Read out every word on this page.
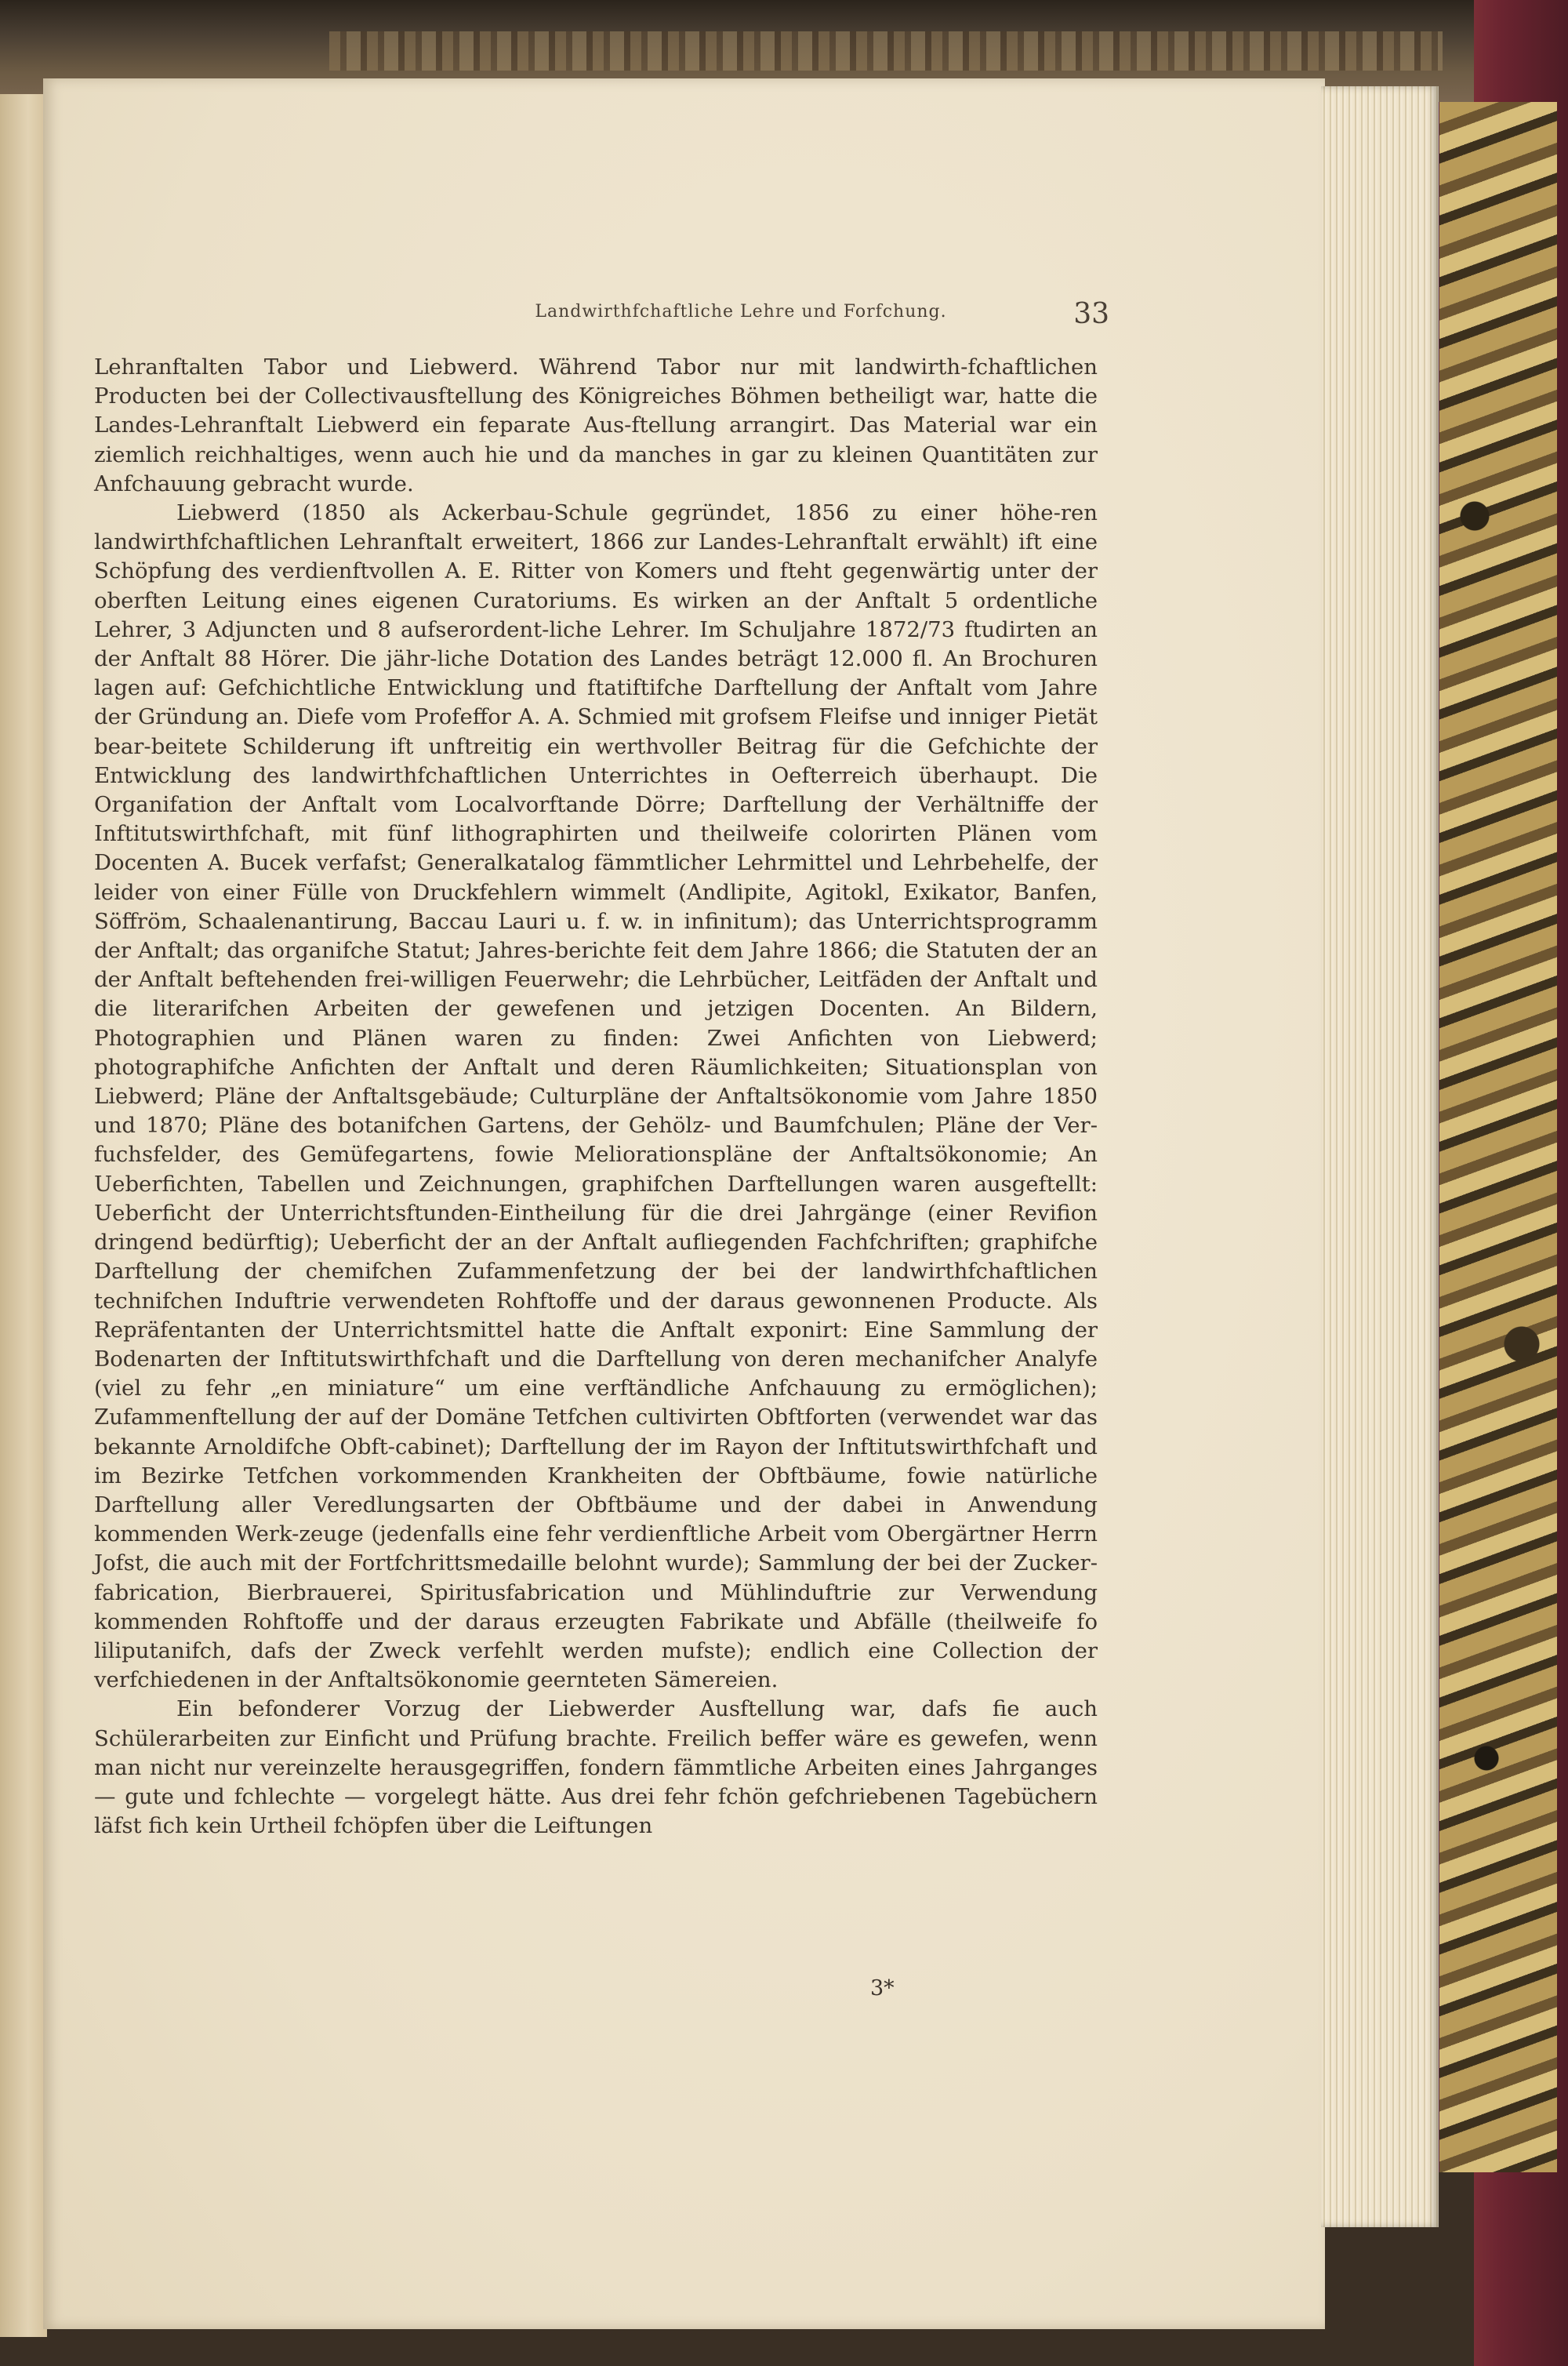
Landwirthfchaftliche Lehre und Forfchung.	33

Lehranftalten Tabor und Liebwerd. Während Tabor nur mit landwirth-fchaftlichen Producten bei der Collectivausftellung des Königreiches Böhmen betheiligt war, hatte die Landes-Lehranftalt Liebwerd ein feparate Aus-ftellung arrangirt. Das Material war ein ziemlich reichhaltiges, wenn auch hie und da manches in gar zu kleinen Quantitäten zur Anfchauung gebracht wurde.

Liebwerd (1850 als Ackerbau-Schule gegründet, 1856 zu einer höhe-ren landwirthfchaftlichen Lehranftalt erweitert, 1866 zur Landes-Lehranftalt erwählt) ift eine Schöpfung des verdienftvollen A. E. Ritter von Komers und fteht gegenwärtig unter der oberften Leitung eines eigenen Curatoriums. Es wirken an der Anftalt 5 ordentliche Lehrer, 3 Adjuncten und 8 aufserordent-liche Lehrer. Im Schuljahre 1872/73 ftudirten an der Anftalt 88 Hörer. Die jähr-liche Dotation des Landes beträgt 12.000 fl. An Brochuren lagen auf: Gefchichtliche Entwicklung und ftatiftifche Darftellung der Anftalt vom Jahre der Gründung an. Diefe vom Profeffor A. A. Schmied mit grofsem Fleifse und inniger Pietät bear-beitete Schilderung ift unftreitig ein werthvoller Beitrag für die Gefchichte der Entwicklung des landwirthfchaftlichen Unterrichtes in Oefterreich überhaupt. Die Organifation der Anftalt vom Localvorftande Dörre; Darftellung der Verhältniffe der Inftitutswirthfchaft, mit fünf lithographirten und theilweife colorirten Plänen vom Docenten A. Bucek verfafst; Generalkatalog fämmtlicher Lehrmittel und Lehrbehelfe, der leider von einer Fülle von Druckfehlern wimmelt (Andlipite, Agitokl, Exikator, Banfen, Söffröm, Schaalenantirung, Baccau Lauri u. f. w. in infinitum); das Unterrichtsprogramm der Anftalt; das organifche Statut; Jahres-berichte feit dem Jahre 1866; die Statuten der an der Anftalt beftehenden frei-willigen Feuerwehr; die Lehrbücher, Leitfäden der Anftalt und die literarifchen Arbeiten der gewefenen und jetzigen Docenten. An Bildern, Photographien und Plänen waren zu finden: Zwei Anfichten von Liebwerd; photographifche Anfichten der Anftalt und deren Räumlichkeiten; Situationsplan von Liebwerd; Pläne der Anftaltsgebäude; Culturpläne der Anftaltsökonomie vom Jahre 1850 und 1870; Pläne des botanifchen Gartens, der Gehölz- und Baumfchulen; Pläne der Ver-fuchsfelder, des Gemüfegartens, fowie Meliorationspläne der Anftaltsökonomie; An Ueberfichten, Tabellen und Zeichnungen, graphifchen Darftellungen waren ausgeftellt: Ueberficht der Unterrichtsftunden-Eintheilung für die drei Jahrgänge (einer Revifion dringend bedürftig); Ueberficht der an der Anftalt aufliegenden Fachfchriften; graphifche Darftellung der chemifchen Zufammenfetzung der bei der landwirthfchaftlichen technifchen Induftrie verwendeten Rohftoffe und der daraus gewonnenen Producte. Als Repräfentanten der Unterrichtsmittel hatte die Anftalt exponirt: Eine Sammlung der Bodenarten der Inftitutswirthfchaft und die Darftellung von deren mechanifcher Analyfe (viel zu fehr „en miniature“ um eine verftändliche Anfchauung zu ermöglichen); Zufammenftellung der auf der Domäne Tetfchen cultivirten Obftforten (verwendet war das bekannte Arnoldifche Obft-cabinet); Darftellung der im Rayon der Inftitutswirthfchaft und im Bezirke Tetfchen vorkommenden Krankheiten der Obftbäume, fowie natürliche Darftellung aller Veredlungsarten der Obftbäume und der dabei in Anwendung kommenden Werk-zeuge (jedenfalls eine fehr verdienftliche Arbeit vom Obergärtner Herrn Jofst, die auch mit der Fortfchrittsmedaille belohnt wurde); Sammlung der bei der Zucker-fabrication, Bierbrauerei, Spiritusfabrication und Mühlinduftrie zur Verwendung kommenden Rohftoffe und der daraus erzeugten Fabrikate und Abfälle (theilweife fo liliputanifch, dafs der Zweck verfehlt werden mufste); endlich eine Collection der verfchiedenen in der Anftaltsökonomie geernteten Sämereien.

Ein befonderer Vorzug der Liebwerder Ausftellung war, dafs fie auch Schülerarbeiten zur Einficht und Prüfung brachte. Freilich beffer wäre es gewefen, wenn man nicht nur vereinzelte herausgegriffen, fondern fämmtliche Arbeiten eines Jahrganges — gute und fchlechte — vorgelegt hätte. Aus drei fehr fchön gefchriebenen Tagebüchern läfst fich kein Urtheil fchöpfen über die Leiftungen

3*
